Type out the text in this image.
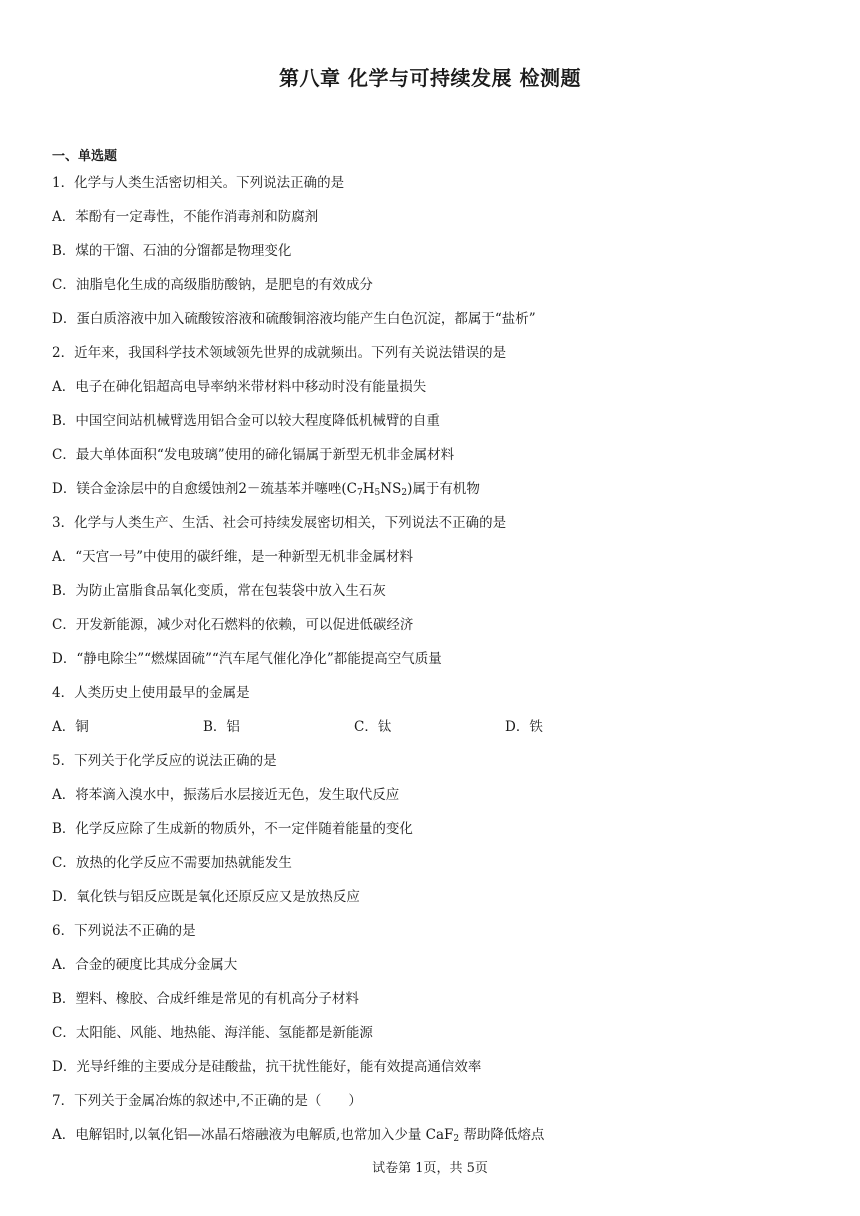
第八章 化学与可持续发展 检测题
一、单选题
1．化学与人类生活密切相关。下列说法正确的是
A．苯酚有一定毒性，不能作消毒剂和防腐剂
B．煤的干馏、石油的分馏都是物理变化
C．油脂皂化生成的高级脂肪酸钠，是肥皂的有效成分
D．蛋白质溶液中加入硫酸铵溶液和硫酸铜溶液均能产生白色沉淀，都属于“盐析”
2．近年来，我国科学技术领域领先世界的成就频出。下列有关说法错误的是
A．电子在砷化铝超高电导率纳米带材料中移动时没有能量损失
B．中国空间站机械臂选用铝合金可以较大程度降低机械臂的自重
C．最大单体面积“发电玻璃”使用的碲化镉属于新型无机非金属材料
D．镁合金涂层中的自愈缓蚀剂2－巯基苯并噻唑$(C_7H_5NS_2)$属于有机物
3．化学与人类生产、生活、社会可持续发展密切相关，下列说法不正确的是
A．“天宫一号”中使用的碳纤维，是一种新型无机非金属材料
B．为防止富脂食品氧化变质，常在包装袋中放入生石灰
C．开发新能源，减少对化石燃料的依赖，可以促进低碳经济
D．“静电除尘”“燃煤固硫”“汽车尾气催化净化”都能提高空气质量
4．人类历史上使用最早的金属是
A．铜	B．铝	C．钛	D．铁
5．下列关于化学反应的说法正确的是
A．将苯滴入溴水中，振荡后水层接近无色，发生取代反应
B．化学反应除了生成新的物质外，不一定伴随着能量的变化
C．放热的化学反应不需要加热就能发生
D．氧化铁与铝反应既是氧化还原反应又是放热反应
6．下列说法不正确的是
A．合金的硬度比其成分金属大
B．塑料、橡胶、合成纤维是常见的有机高分子材料
C．太阳能、风能、地热能、海洋能、氢能都是新能源
D．光导纤维的主要成分是硅酸盐，抗干扰性能好，能有效提高通信效率
7．下列关于金属冶炼的叙述中,不正确的是（　　）
A．电解铝时,以氧化铝—冰晶石熔融液为电解质,也常加入少量 CaF$_2$ 帮助降低熔点
试卷第 1页，共 5页
